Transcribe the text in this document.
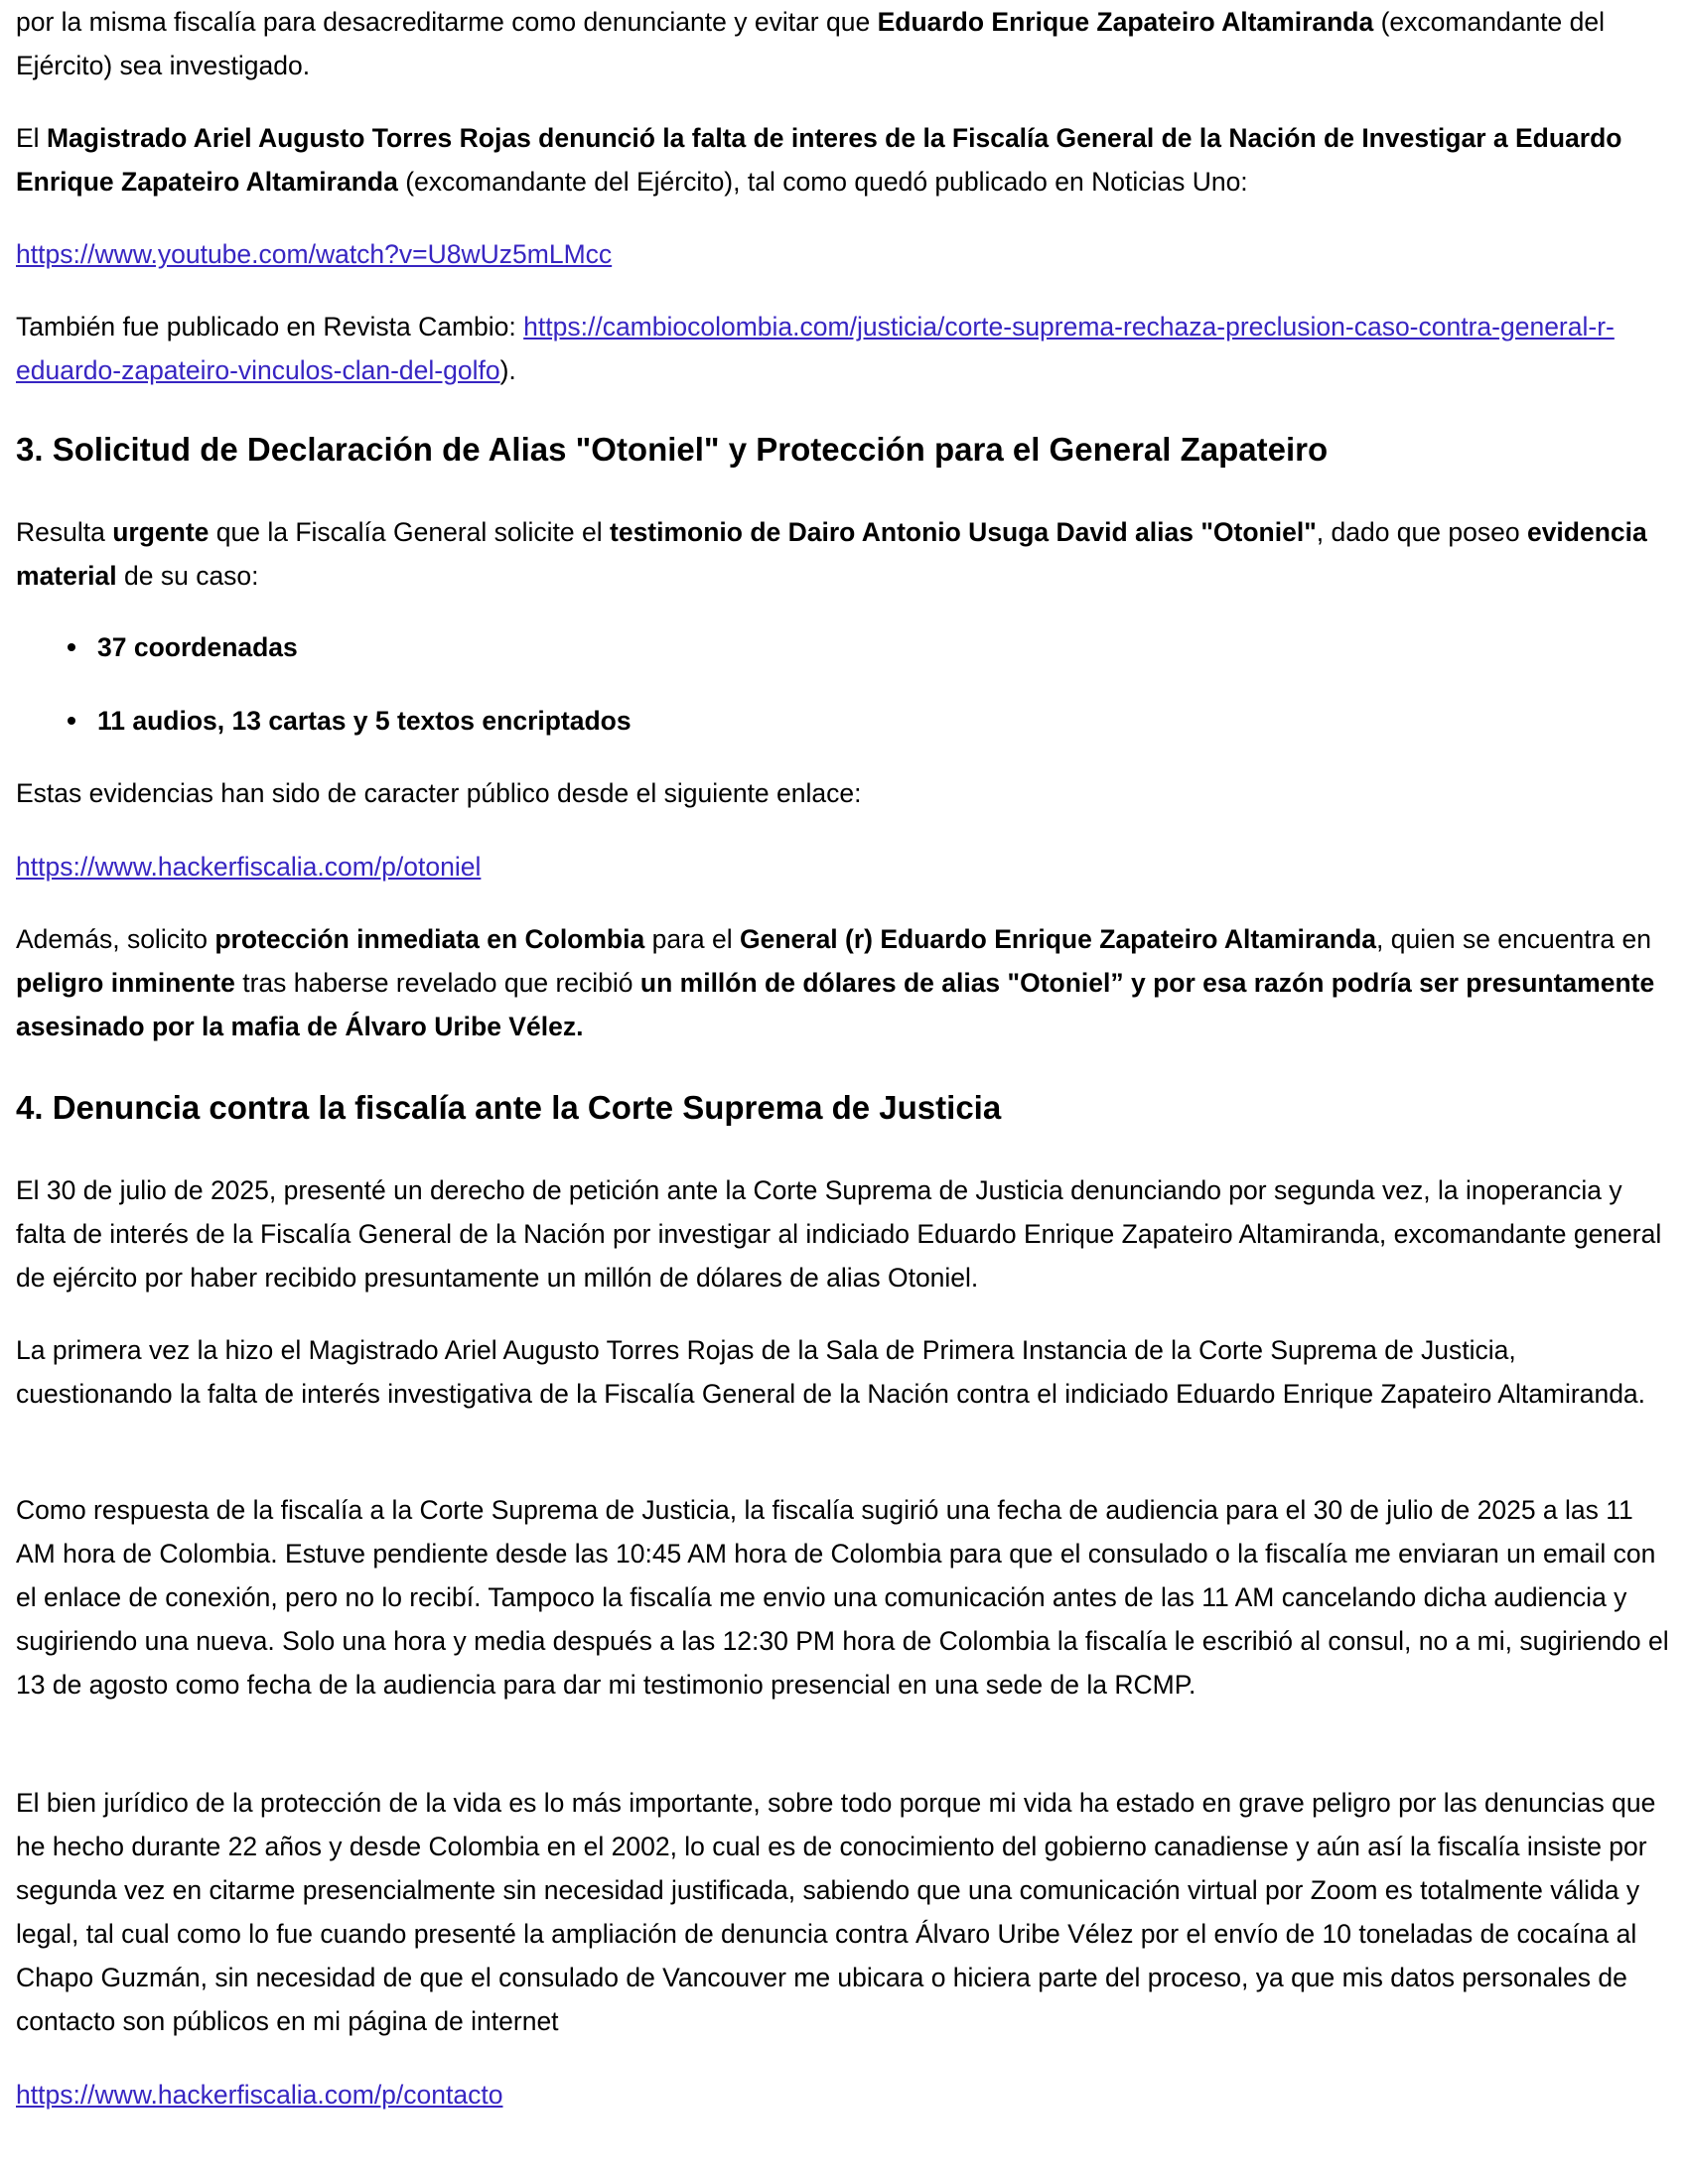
por la misma fiscalía para desacreditarme como denunciante y evitar que Eduardo Enrique Zapateiro Altamiranda (excomandante del Ejército) sea investigado.

El Magistrado Ariel Augusto Torres Rojas denunció la falta de interes de la Fiscalía General de la Nación de Investigar a Eduardo Enrique Zapateiro Altamiranda (excomandante del Ejército), tal como quedó publicado en Noticias Uno:

https://www.youtube.com/watch?v=U8wUz5mLMcc

También fue publicado en Revista Cambio: https://cambiocolombia.com/justicia/corte-suprema-rechaza-preclusion-caso-contra-general-r-eduardo-zapateiro-vinculos-clan-del-golfo).

3. Solicitud de Declaración de Alias "Otoniel" y Protección para el General Zapateiro

Resulta urgente que la Fiscalía General solicite el testimonio de Dairo Antonio Usuga David alias "Otoniel", dado que poseo evidencia material de su caso:

37 coordenadas
11 audios, 13 cartas y 5 textos encriptados

Estas evidencias han sido de caracter público desde el siguiente enlace:

https://www.hackerfiscalia.com/p/otoniel

Además, solicito protección inmediata en Colombia para el General (r) Eduardo Enrique Zapateiro Altamiranda, quien se encuentra en peligro inminente tras haberse revelado que recibió un millón de dólares de alias "Otoniel” y por esa razón podría ser presuntamente asesinado por la mafia de Álvaro Uribe Vélez.

4. Denuncia contra la fiscalía ante la Corte Suprema de Justicia

El 30 de julio de 2025, presenté un derecho de petición ante la Corte Suprema de Justicia denunciando por segunda vez, la inoperancia y falta de interés de la Fiscalía General de la Nación por investigar al indiciado Eduardo Enrique Zapateiro Altamiranda, excomandante general de ejército por haber recibido presuntamente un millón de dólares de alias Otoniel.

La primera vez la hizo el Magistrado Ariel Augusto Torres Rojas de la Sala de Primera Instancia de la Corte Suprema de Justicia, cuestionando la falta de interés investigativa de la Fiscalía General de la Nación contra el indiciado Eduardo Enrique Zapateiro Altamiranda.

Como respuesta de la fiscalía a la Corte Suprema de Justicia, la fiscalía sugirió una fecha de audiencia para el 30 de julio de 2025 a las 11 AM hora de Colombia. Estuve pendiente desde las 10:45 AM hora de Colombia para que el consulado o la fiscalía me enviaran un email con el enlace de conexión, pero no lo recibí. Tampoco la fiscalía me envio una comunicación antes de las 11 AM cancelando dicha audiencia y sugiriendo una nueva. Solo una hora y media después a las 12:30 PM hora de Colombia la fiscalía le escribió al consul, no a mi, sugiriendo el 13 de agosto como fecha de la audiencia para dar mi testimonio presencial en una sede de la RCMP.

El bien jurídico de la protección de la vida es lo más importante, sobre todo porque mi vida ha estado en grave peligro por las denuncias que he hecho durante 22 años y desde Colombia en el 2002, lo cual es de conocimiento del gobierno canadiense y aún así la fiscalía insiste por segunda vez en citarme presencialmente sin necesidad justificada, sabiendo que una comunicación virtual por Zoom es totalmente válida y legal, tal cual como lo fue cuando presenté la ampliación de denuncia contra Álvaro Uribe Vélez por el envío de 10 toneladas de cocaína al Chapo Guzmán, sin necesidad de que el consulado de Vancouver me ubicara o hiciera parte del proceso, ya que mis datos personales de contacto son públicos en mi página de internet

https://www.hackerfiscalia.com/p/contacto
